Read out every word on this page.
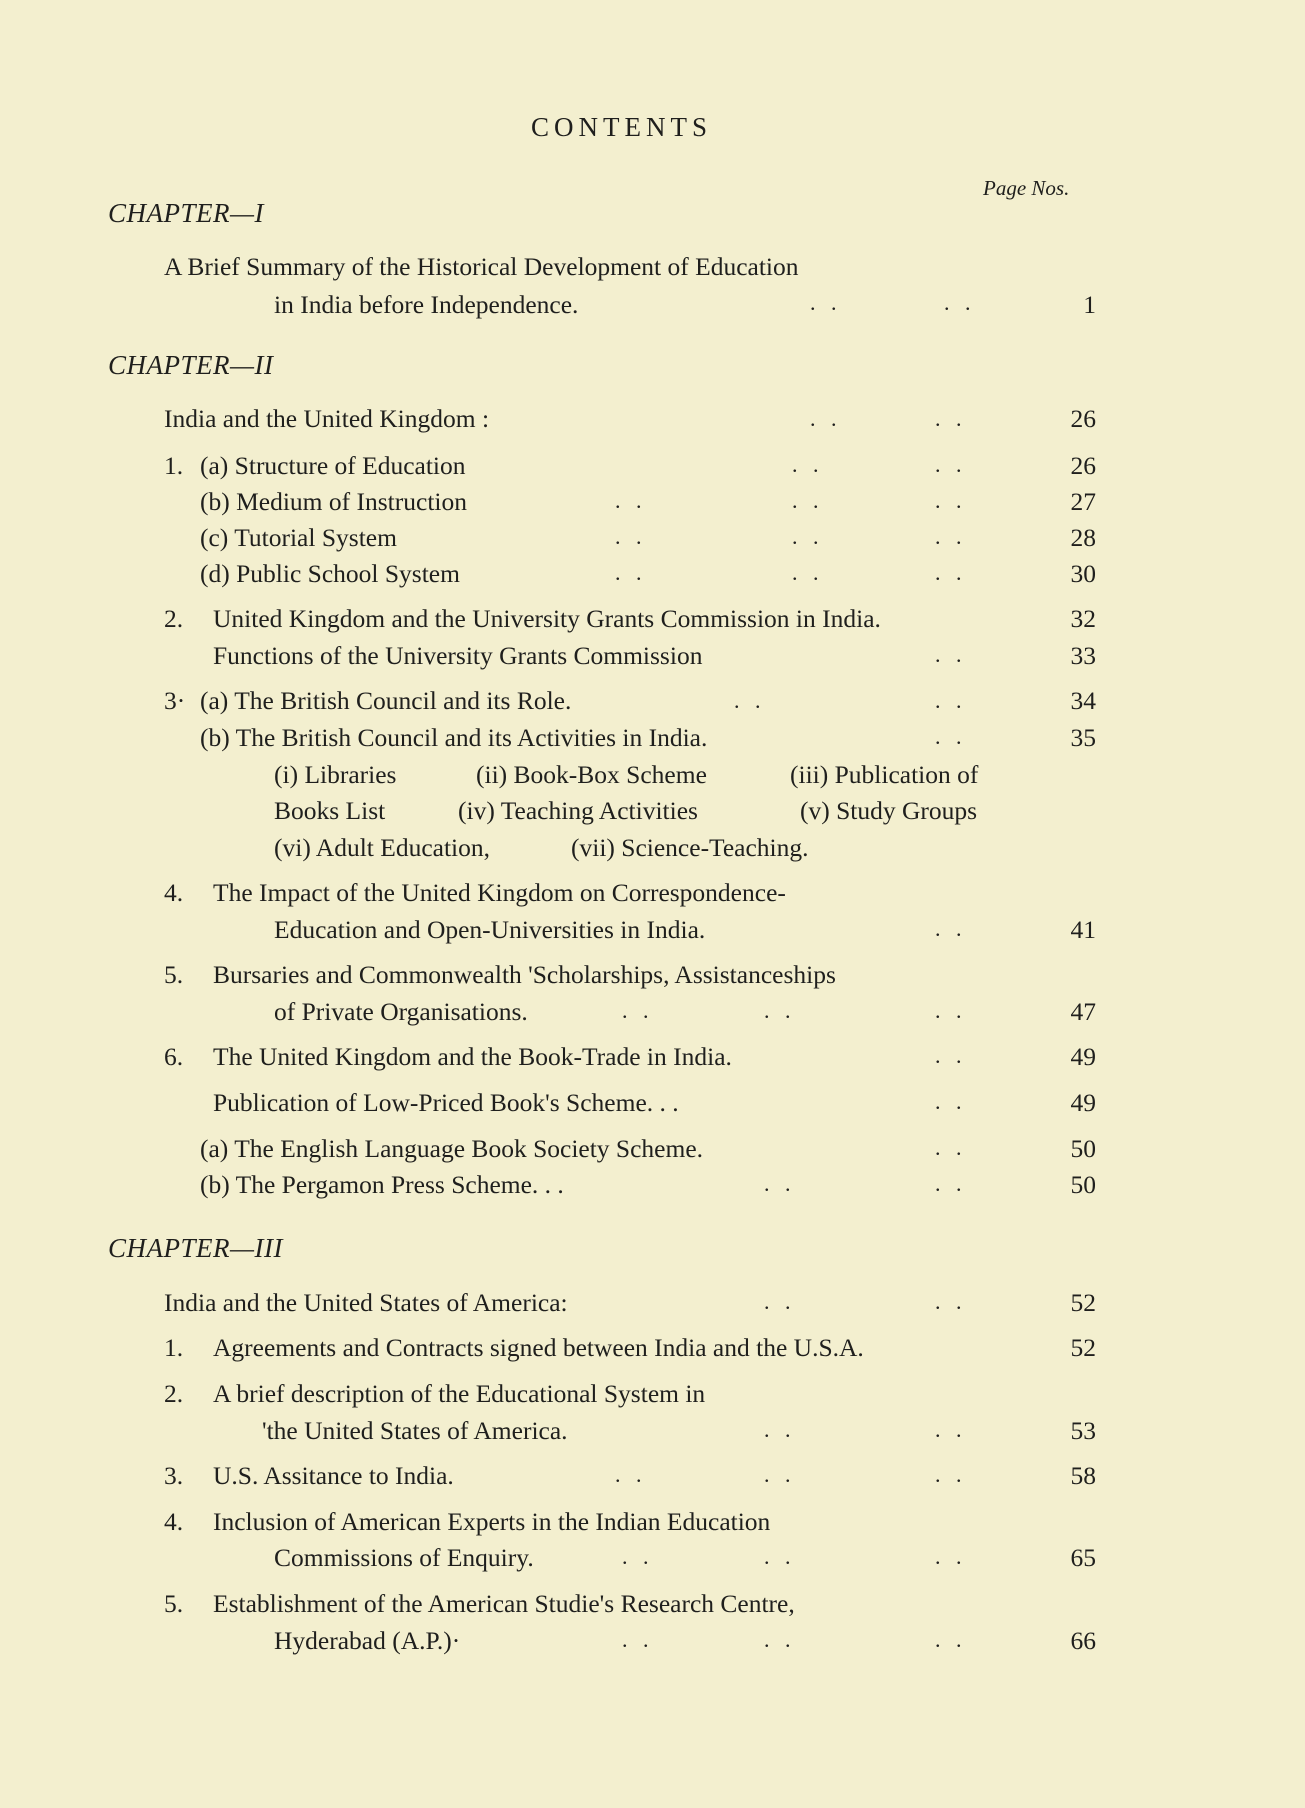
CONTENTS
Page Nos.
CHAPTER—I
A Brief Summary of the Historical Development of Education
in India before Independence.	. .	. .	1
CHAPTER—II
India and the United Kingdom :	. .	. .	26
1. (a) Structure of Education	. .	. .	26
(b) Medium of Instruction	. .	. .	. .	27
(c) Tutorial System	. .	. .	. .	28
(d) Public School System	. .	. .	. .	30
2. United Kingdom and the University Grants Commission in India.	32
Functions of the University Grants Commission	. .	33
3· (a) The British Council and its Role.	. .	. .	34
(b) The British Council and its Activities in India.	. .	35
(i) Libraries	(ii) Book-Box Scheme	(iii) Publication of
Books List	(iv) Teaching Activities	(v) Study Groups
(vi) Adult Education,	(vii) Science-Teaching.
4. The Impact of the United Kingdom on Correspondence-
Education and Open-Universities in India.	. .	41
5. Bursaries and Commonwealth 'Scholarships, Assistanceships
of Private Organisations.	. .	. .	. .	47
6. The United Kingdom and the Book-Trade in India.	. .	49
Publication of Low-Priced Book's Scheme. . .	. .	49
(a) The English Language Book Society Scheme.	. .	50
(b) The Pergamon Press Scheme. . .	. .	. .	50
CHAPTER—III
India and the United States of America:	. .	. .	52
1. Agreements and Contracts signed between India and the U.S.A.	52
2. A brief description of the Educational System in
'the United States of America.	. .	. .	53
3. U.S. Assitance to India.	. .	. .	. .	58
4. Inclusion of American Experts in the Indian Education
Commissions of Enquiry.	. .	. .	. .	65
5. Establishment of the American Studie's Research Centre,
Hyderabad (A.P.)·	. .	. .	. .	66
